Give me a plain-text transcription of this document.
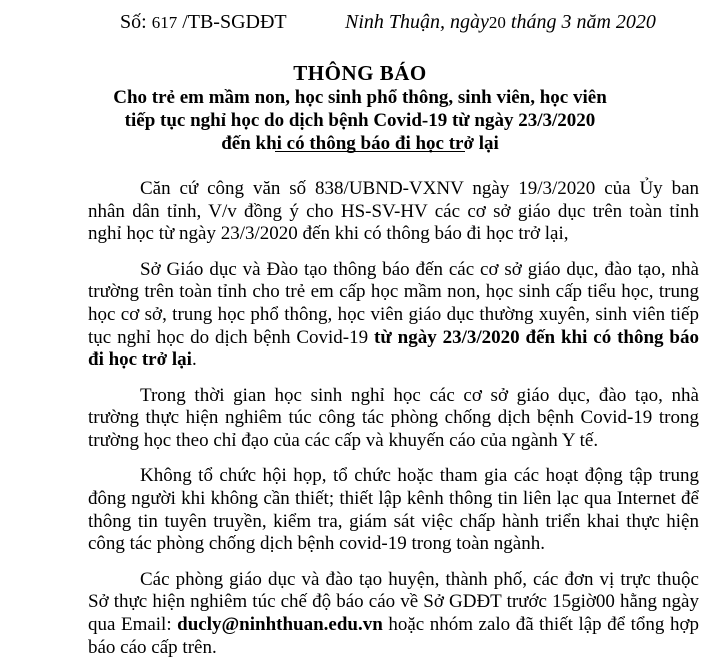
Số: 617 /TB-SGDĐT	Ninh Thuận, ngày20 tháng 3 năm 2020
THÔNG BÁO
Cho trẻ em mầm non, học sinh phổ thông, sinh viên, học viên
tiếp tục nghỉ học do dịch bệnh Covid-19 từ ngày 23/3/2020
đến khi có thông báo đi học trở lại

Căn cứ công văn số 838/UBND-VXNV ngày 19/3/2020 của Ủy ban nhân dân tỉnh, V/v đồng ý cho HS-SV-HV các cơ sở giáo dục trên toàn tỉnh nghỉ học từ ngày 23/3/2020 đến khi có thông báo đi học trở lại,

Sở Giáo dục và Đào tạo thông báo đến các cơ sở giáo dục, đào tạo, nhà trường trên toàn tỉnh cho trẻ em cấp học mầm non, học sinh cấp tiểu học, trung học cơ sở, trung học phổ thông, học viên giáo dục thường xuyên, sinh viên tiếp tục nghỉ học do dịch bệnh Covid-19 từ ngày 23/3/2020 đến khi có thông báo đi học trở lại.

Trong thời gian học sinh nghỉ học các cơ sở giáo dục, đào tạo, nhà trường thực hiện nghiêm túc công tác phòng chống dịch bệnh Covid-19 trong trường học theo chỉ đạo của các cấp và khuyến cáo của ngành Y tế.

Không tổ chức hội họp, tổ chức hoặc tham gia các hoạt động tập trung đông người khi không cần thiết; thiết lập kênh thông tin liên lạc qua Internet để thông tin tuyên truyền, kiểm tra, giám sát việc chấp hành triển khai thực hiện công tác phòng chống dịch bệnh covid-19 trong toàn ngành.

Các phòng giáo dục và đào tạo huyện, thành phố, các đơn vị trực thuộc Sở thực hiện nghiêm túc chế độ báo cáo về Sở GDĐT trước 15giờ00 hằng ngày qua Email: ducly@ninhthuan.edu.vn hoặc nhóm zalo đã thiết lập để tổng hợp báo cáo cấp trên.
